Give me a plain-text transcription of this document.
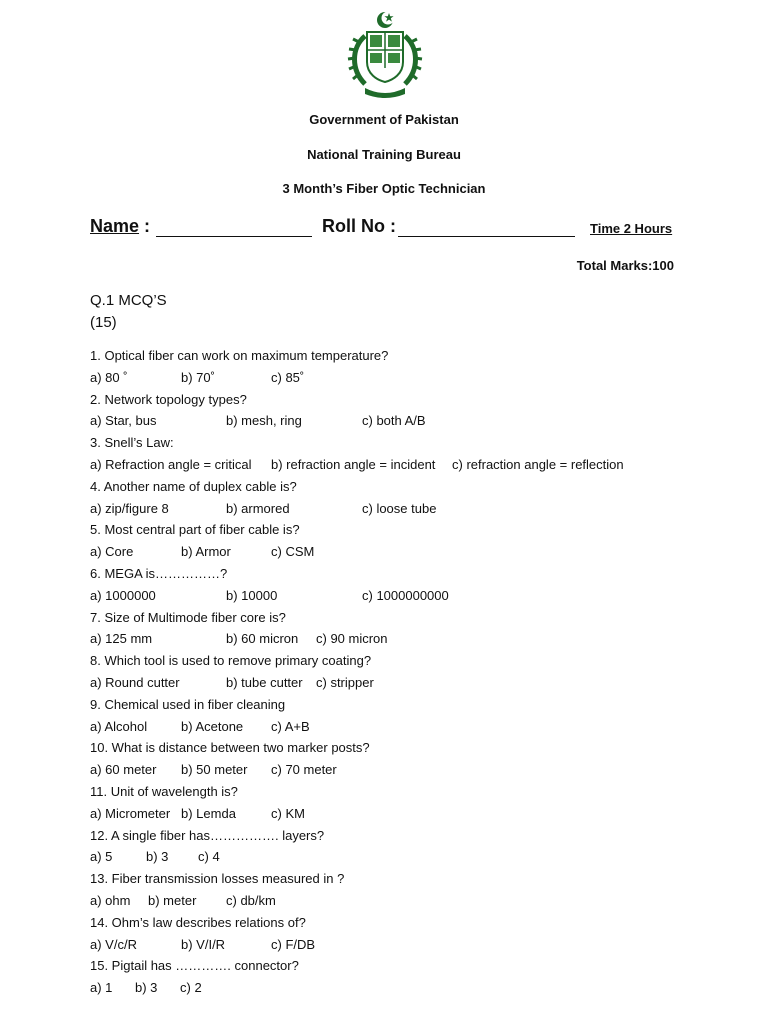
Government of Pakistan
National Training Bureau
3 Month’s Fiber Optic Technician
Name :	Roll No :	Time 2 Hours
Total Marks:100
Q.1 MCQ’S
(15)
1. Optical fiber can work on maximum temperature?
a) 80 ˚	b) 70˚	c) 85˚
2. Network topology types?
a) Star, bus	b) mesh, ring	c) both A/B
3. Snell’s Law:
a) Refraction angle = critical b) refraction angle = incident c) refraction angle = reflection
4. Another name of duplex cable is?
a) zip/figure 8	b) armored	c) loose tube
5. Most central part of fiber cable is?
a) Core	b) Armor	c) CSM
6. MEGA is……………?
a) 1000000	b) 10000	c) 1000000000
7. Size of Multimode fiber core is?
a) 125 mm	b) 60 micron c) 90 micron
8. Which tool is used to remove primary coating?
a) Round cutter	b) tube cutter c) stripper
9. Chemical used in fiber cleaning
a) Alcohol	b) Acetone c) A+B
10. What is distance between two marker posts?
a) 60 meter b) 50 meter c) 70 meter
11. Unit of wavelength is?
a) Micrometer b) Lemda	c) KM
12. A single fiber has……………. layers?
a) 5	b) 3 c) 4
13. Fiber transmission losses measured in ?
a) ohm b) meter c) db/km
14. Ohm’s law describes relations of?
a) V/c/R	b) V/I/R	c) F/DB
15. Pigtail has …………. connector?
a) 1 b) 3 c) 2
